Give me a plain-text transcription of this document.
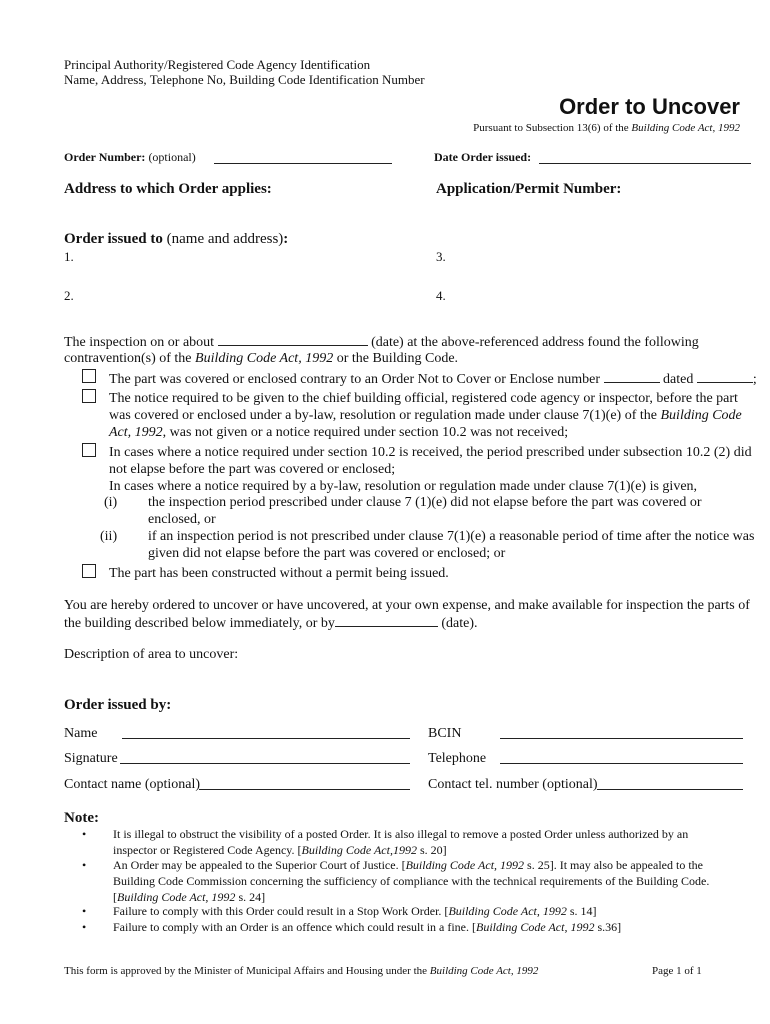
Principal Authority/Registered Code Agency Identification
Name, Address, Telephone No, Building Code Identification Number
Order to Uncover
Pursuant to Subsection 13(6) of the Building Code Act, 1992
Order Number: (optional)	Date Order issued:
Address to which Order applies:	Application/Permit Number:
Order issued to (name and address):
1.	3.
2.	4.
The inspection on or about	(date) at the above-referenced address found the following
contravention(s) of the Building Code Act, 1992 or the Building Code.
The part was covered or enclosed contrary to an Order Not to Cover or Enclose number	dated	;
The notice required to be given to the chief building official, registered code agency or inspector, before the part
was covered or enclosed under a by-law, resolution or regulation made under clause 7(1)(e) of the Building Code
Act, 1992, was not given or a notice required under section 10.2 was not received;
In cases where a notice required under section 10.2 is received, the period prescribed under subsection 10.2 (2) did
not elapse before the part was covered or enclosed;
In cases where a notice required by a by-law, resolution or regulation made under clause 7(1)(e) is given,
(i) the inspection period prescribed under clause 7 (1)(e) did not elapse before the part was covered or
enclosed, or
(ii) if an inspection period is not prescribed under clause 7(1)(e) a reasonable period of time after the notice was
given did not elapse before the part was covered or enclosed; or
The part has been constructed without a permit being issued.
You are hereby ordered to uncover or have uncovered, at your own expense, and make available for inspection the parts of
the building described below immediately, or by	(date).
Description of area to uncover:
Order issued by:
Name	BCIN
Signature	Telephone
Contact name (optional)	Contact tel. number (optional)
Note:
• It is illegal to obstruct the visibility of a posted Order. It is also illegal to remove a posted Order unless authorized by an
inspector or Registered Code Agency. [Building Code Act,1992 s. 20]
• An Order may be appealed to the Superior Court of Justice. [Building Code Act, 1992 s. 25]. It may also be appealed to the
Building Code Commission concerning the sufficiency of compliance with the technical requirements of the Building Code.
[Building Code Act, 1992 s. 24]
• Failure to comply with this Order could result in a Stop Work Order. [Building Code Act, 1992 s. 14]
• Failure to comply with an Order is an offence which could result in a fine. [Building Code Act, 1992 s.36]
This form is approved by the Minister of Municipal Affairs and Housing under the Building Code Act, 1992	Page 1 of 1
